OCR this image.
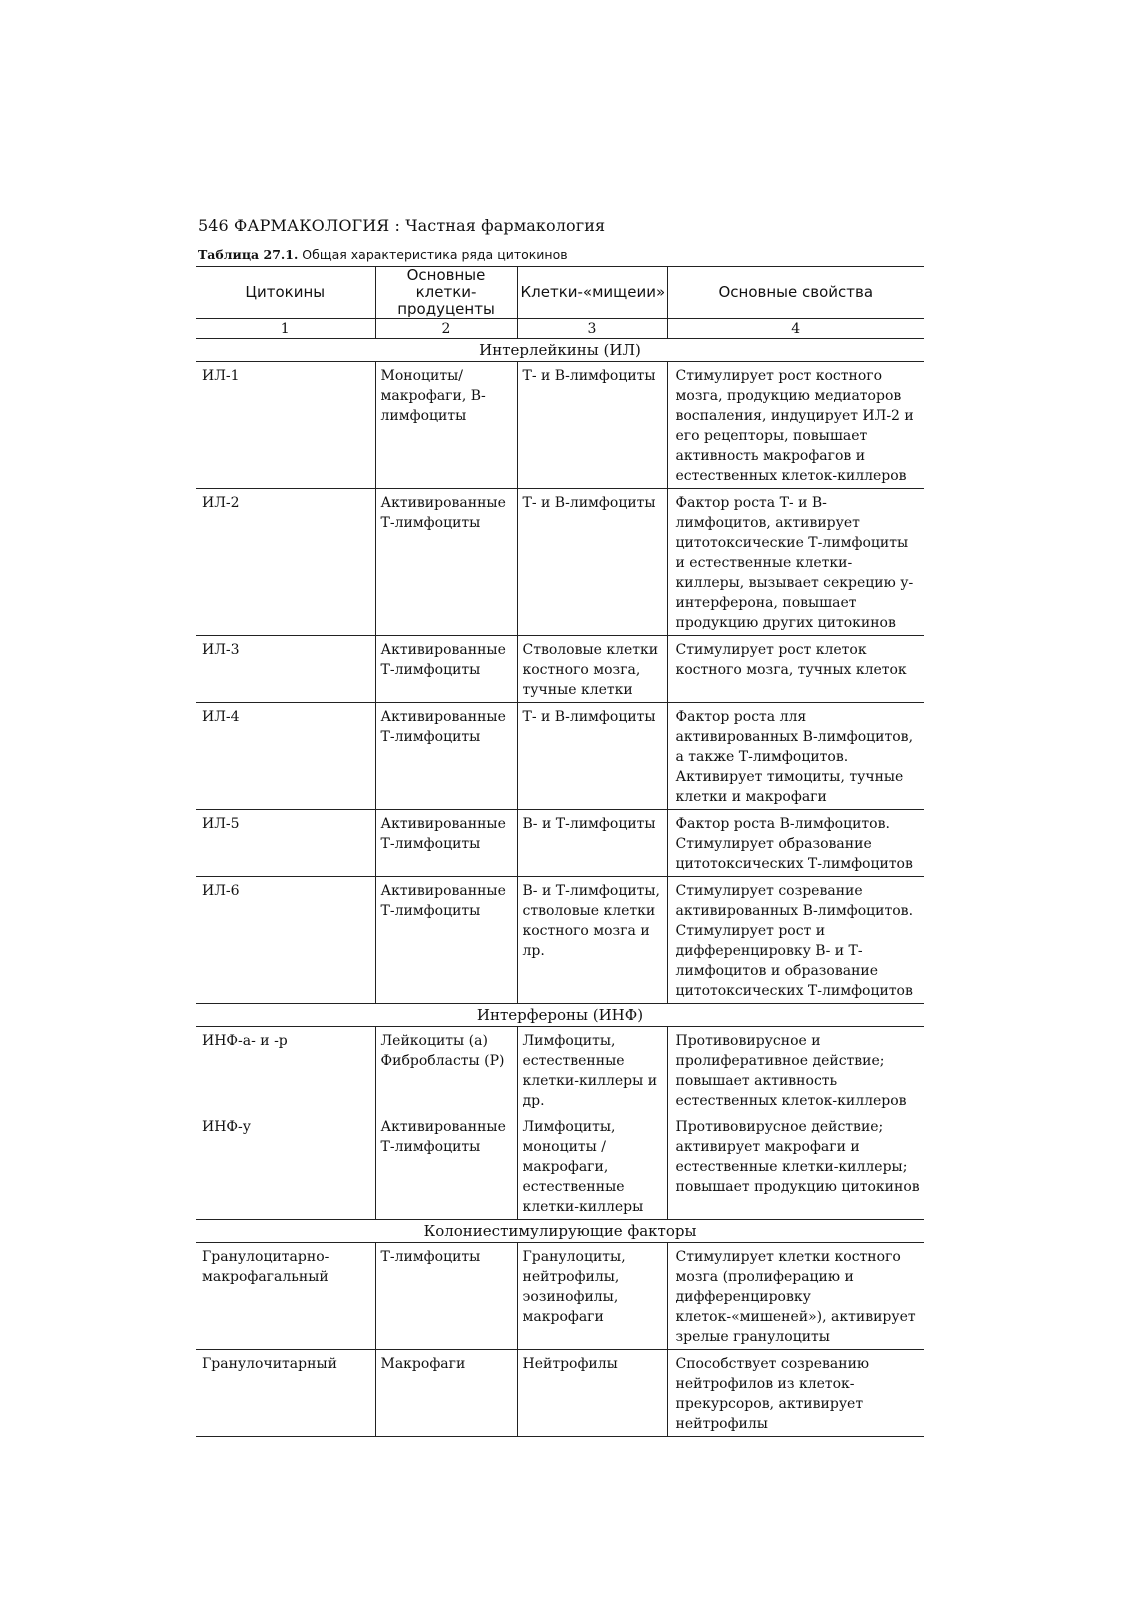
546 ФАРМАКОЛОГИЯ : Частная фармакология
Таблица 27.1. Общая характеристика ряда цитокинов
Цитокины	Основные клетки-продуценты	Клетки-«мищеии»	Основные свойства
1	2	3	4
Интерлейкины (ИЛ)			
ИЛ-1	Моноциты/макрофаги, В-лимфоциты	Т- и В-лимфоциты	Стимулирует рост костного мозга, продукцию медиаторов воспаления, индуцирует ИЛ-2 и его рецепторы, повышает активность макрофагов и естественных клеток-киллеров
ИЛ-2	Активированные Т-лимфоциты	Т- и В-лимфоциты	Фактор роста Т- и В-лимфоцитов, активирует цитотоксические Т-лимфоциты и естественные клетки-киллеры, вызывает секрецию у-интерферона, повышает продукцию других цитокинов
ИЛ-3	Активированные Т-лимфоциты	Стволовые клетки костного мозга, тучные клетки	Стимулирует рост клеток костного мозга, тучных клеток
ИЛ-4	Активированные Т-лимфоциты	Т- и В-лимфоциты	Фактор роста лля активированных В-лимфоцитов, а также Т-лимфоцитов. Активирует тимоциты, тучные клетки и макрофаги
ИЛ-5	Активированные Т-лимфоциты	В- и Т-лимфоциты	Фактор роста В-лимфоцитов. Стимулирует образование цитотоксических Т-лимфоцитов
ИЛ-6	Активированные Т-лимфоциты	В- и Т-лимфоциты, стволовые клетки костного мозга и лр.	Стимулирует созревание активированных В-лимфоцитов. Стимулирует рост и дифференцировку В- и Т-лимфоцитов и образование цитотоксических Т-лимфоцитов
Интерфероны (ИНФ)			
ИНФ-а- и -р	Лейкоциты (а) Фибробласты (Р)	Лимфоциты, естественные клетки-киллеры и др.	Противовирусное и пролиферативное действие; повышает активность естественных клеток-киллеров
ИНФ-у	Активированные Т-лимфоциты	Лимфоциты, моноциты /макрофаги, естественные клетки-киллеры	Противовирусное действие; активирует макрофаги и естественные клетки-киллеры; повышает продукцию цитокинов
Колониестимулирующие факторы			
Гранулоцитарно-макрофагальный	Т-лимфоциты	Гранулоциты, нейтрофилы, эозинофилы, макрофаги	Стимулирует клетки костного мозга (пролиферацию и дифференцировку клеток-«мишеней»), активирует зрелые гранулоциты
Гранулочитарный	Макрофаги	Нейтрофилы	Способствует созреванию нейтрофилов из клеток-прекурсоров, активирует нейтрофилы
